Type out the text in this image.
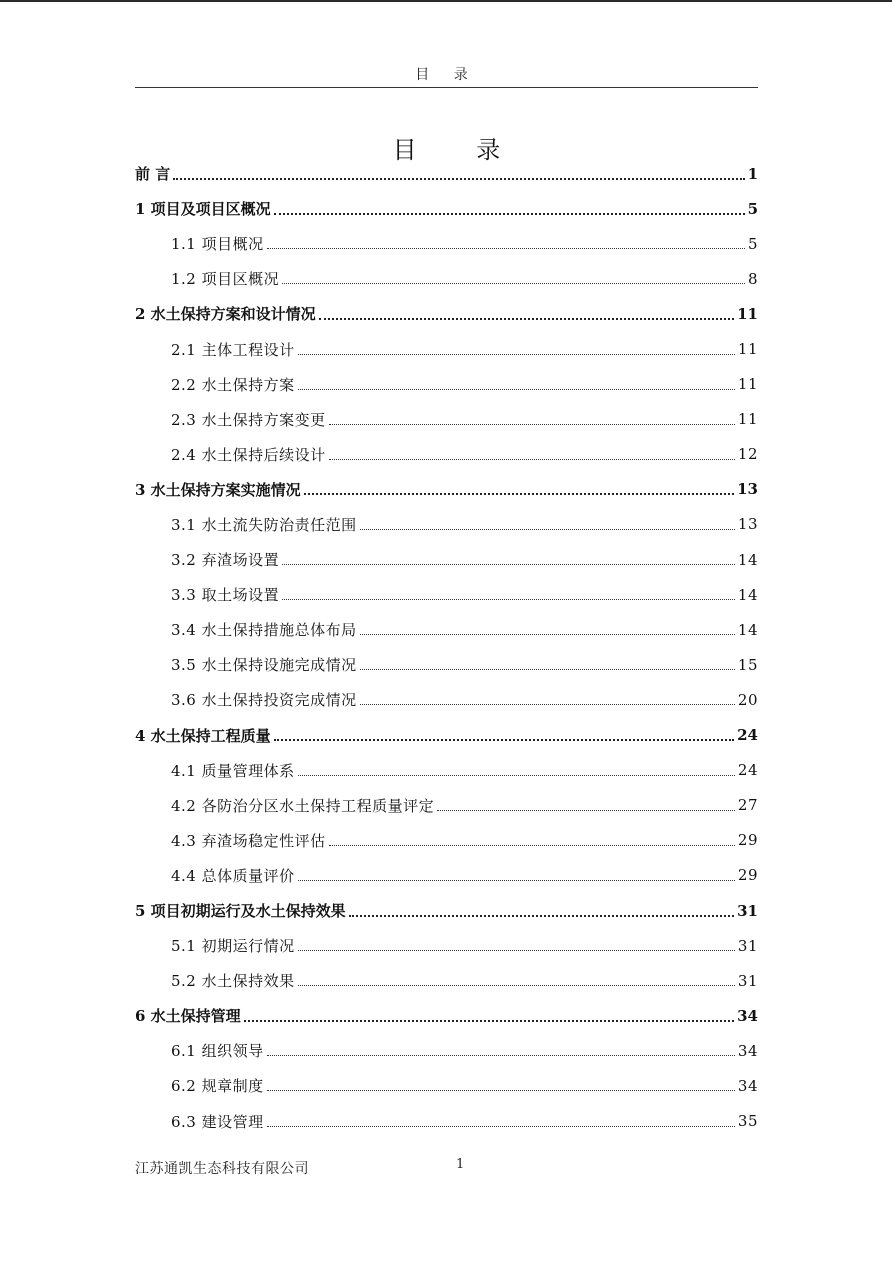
目 录
目 录
前 言	1
1 项目及项目区概况	5
1.1 项目概况	5
1.2 项目区概况	8
2 水土保持方案和设计情况	11
2.1 主体工程设计	11
2.2 水土保持方案	11
2.3 水土保持方案变更	11
2.4 水土保持后续设计	12
3 水土保持方案实施情况	13
3.1 水土流失防治责任范围	13
3.2 弃渣场设置	14
3.3 取土场设置	14
3.4 水土保持措施总体布局	14
3.5 水土保持设施完成情况	15
3.6 水土保持投资完成情况	20
4 水土保持工程质量	24
4.1 质量管理体系	24
4.2 各防治分区水土保持工程质量评定	27
4.3 弃渣场稳定性评估	29
4.4 总体质量评价	29
5 项目初期运行及水土保持效果	31
5.1 初期运行情况	31
5.2 水土保持效果	31
6 水土保持管理	34
6.1 组织领导	34
6.2 规章制度	34
6.3 建设管理	35
江苏通凯生态科技有限公司	1
